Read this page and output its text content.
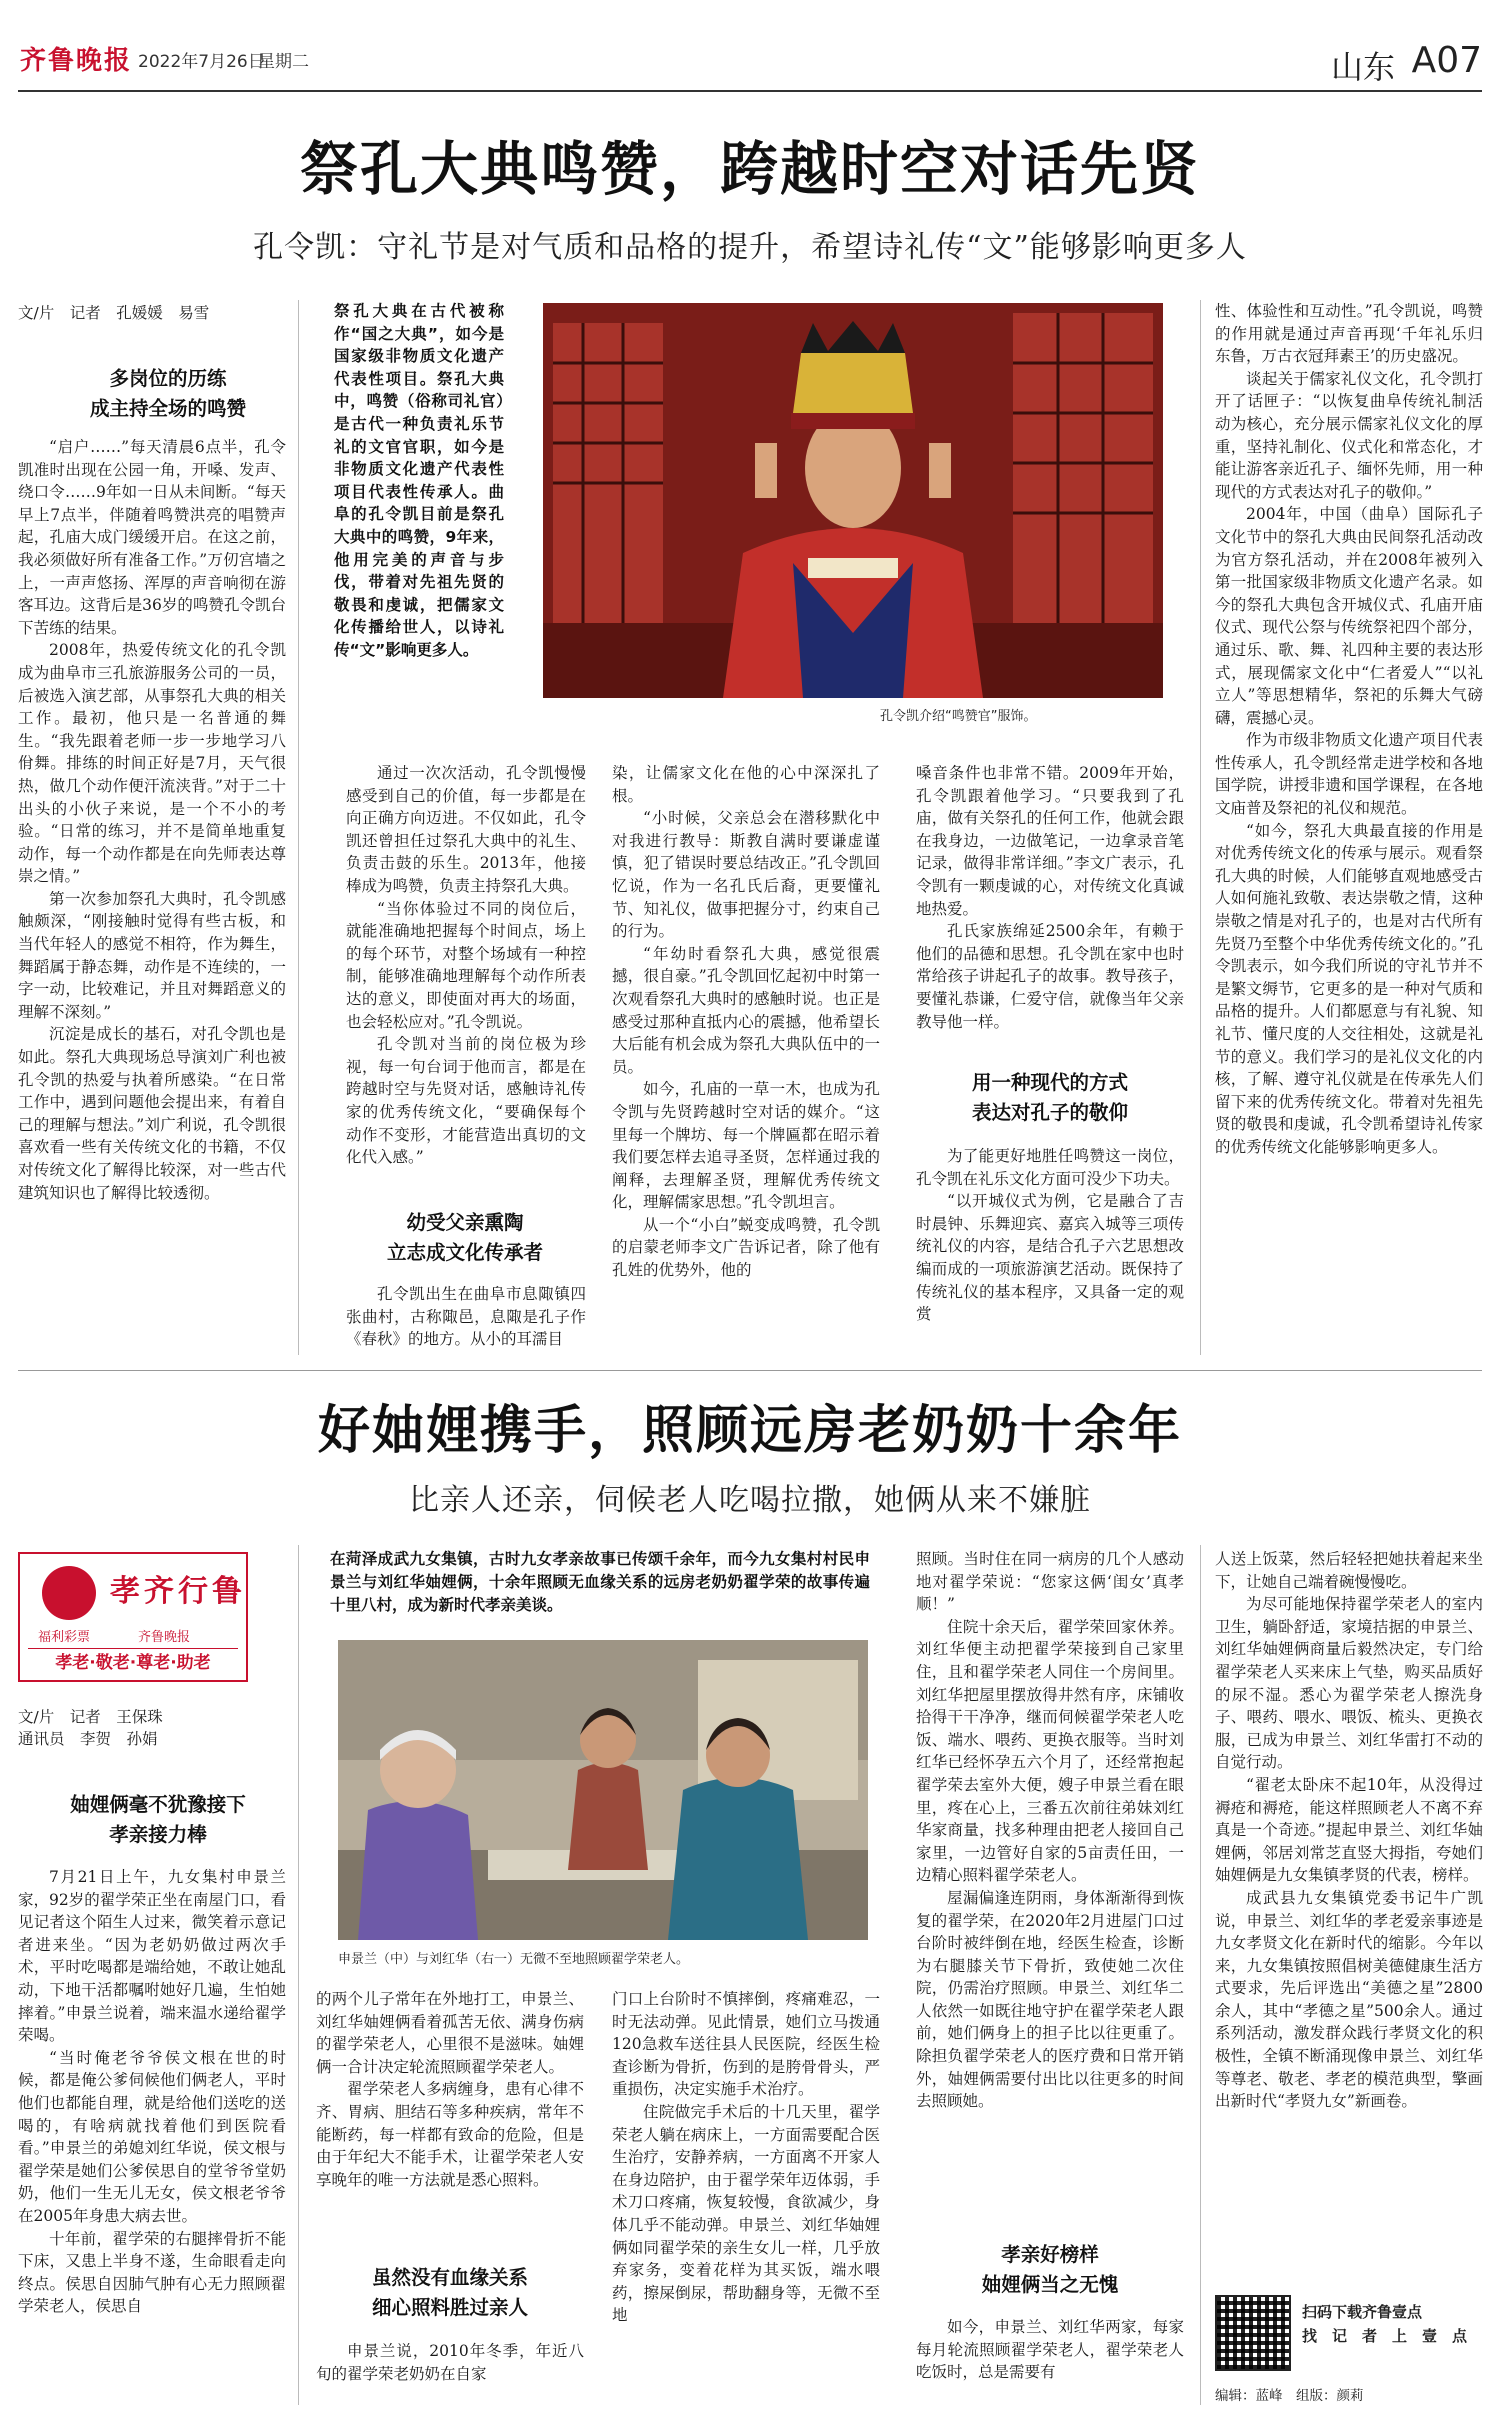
齐鲁晚报 2022年7月26日
星期二	山东 A07
祭孔大典鸣赞，跨越时空对话先贤
孔令凯：守礼节是对气质和品格的提升，希望诗礼传“文”能够影响更多人
文/片　记者　孔媛媛　易雪
多岗位的历练
成主持全场的鸣赞

“启户……”每天清晨6点半，孔令凯准时出现在公园一角，开嗓、发声、绕口令……9年如一日从未间断。“每天早上7点半，伴随着鸣赞洪亮的唱赞声起，孔庙大成门缓缓开启。在这之前，我必须做好所有准备工作。”万仞宫墙之上，一声声悠扬、浑厚的声音响彻在游客耳边。这背后是36岁的鸣赞孔令凯台下苦练的结果。

2008年，热爱传统文化的孔令凯成为曲阜市三孔旅游服务公司的一员，后被选入演艺部，从事祭孔大典的相关工作。最初，他只是一名普通的舞生。“我先跟着老师一步一步地学习八佾舞。排练的时间正好是7月，天气很热，做几个动作便汗流浃背。”对于二十出头的小伙子来说，是一个不小的考验。“日常的练习，并不是简单地重复动作，每一个动作都是在向先师表达尊崇之情。”

第一次参加祭孔大典时，孔令凯感触颇深，“刚接触时觉得有些古板，和当代年轻人的感觉不相符，作为舞生，舞蹈属于静态舞，动作是不连续的，一字一动，比较难记，并且对舞蹈意义的理解不深刻。”

沉淀是成长的基石，对孔令凯也是如此。祭孔大典现场总导演刘广利也被孔令凯的热爱与执着所感染。“在日常工作中，遇到问题他会提出来，有着自己的理解与想法。”刘广利说，孔令凯很喜欢看一些有关传统文化的书籍，不仅对传统文化了解得比较深，对一些古代建筑知识也了解得比较透彻。

祭孔大典在古代被称作“国之大典”，如今是国家级非物质文化遗产代表性项目。祭孔大典中，鸣赞（俗称司礼官）是古代一种负责礼乐节礼的文官官职，如今是非物质文化遗产代表性项目代表性传承人。曲阜的孔令凯目前是祭孔大典中的鸣赞，9年来，他用完美的声音与步伐，带着对先祖先贤的敬畏和虔诚，把儒家文化传播给世人，以诗礼传“文”影响更多人。
孔令凯介绍“鸣赞官”服饰。

通过一次次活动，孔令凯慢慢感受到自己的价值，每一步都是在向正确方向迈进。不仅如此，孔令凯还曾担任过祭孔大典中的礼生、负责击鼓的乐生。2013年，他接棒成为鸣赞，负责主持祭孔大典。

“当你体验过不同的岗位后，就能准确地把握每个时间点，场上的每个环节，对整个场域有一种控制，能够准确地理解每个动作所表达的意义，即使面对再大的场面，也会轻松应对。”孔令凯说。

孔令凯对当前的岗位极为珍视，每一句台词于他而言，都是在跨越时空与先贤对话，感触诗礼传家的优秀传统文化，“要确保每个动作不变形，才能营造出真切的文化代入感。”

幼受父亲熏陶
立志成文化传承者

孔令凯出生在曲阜市息陬镇四张曲村，古称陬邑，息陬是孔子作《春秋》的地方。从小的耳濡目

染，让儒家文化在他的心中深深扎了根。

“小时候，父亲总会在潜移默化中对我进行教导：斯教自满时要谦虚谨慎，犯了错误时要总结改正。”孔令凯回忆说，作为一名孔氏后裔，更要懂礼节、知礼仪，做事把握分寸，约束自己的行为。

“年幼时看祭孔大典，感觉很震撼，很自豪。”孔令凯回忆起初中时第一次观看祭孔大典时的感触时说。也正是感受过那种直抵内心的震撼，他希望长大后能有机会成为祭孔大典队伍中的一员。

如今，孔庙的一草一木，也成为孔令凯与先贤跨越时空对话的媒介。“这里每一个牌坊、每一个牌匾都在昭示着我们要怎样去追寻圣贤，怎样通过我的阐释，去理解圣贤，理解优秀传统文化，理解儒家思想。”孔令凯坦言。

从一个“小白”蜕变成鸣赞，孔令凯的启蒙老师李文广告诉记者，除了他有孔姓的优势外，他的

嗓音条件也非常不错。2009年开始，孔令凯跟着他学习。“只要我到了孔庙，做有关祭孔的任何工作，他就会跟在我身边，一边做笔记，一边拿录音笔记录，做得非常详细。”李文广表示，孔令凯有一颗虔诚的心，对传统文化真诚地热爱。

孔氏家族绵延2500余年，有赖于他们的品德和思想。孔令凯在家中也时常给孩子讲起孔子的故事。教导孩子，要懂礼恭谦，仁爱守信，就像当年父亲教导他一样。

用一种现代的方式
表达对孔子的敬仰

为了能更好地胜任鸣赞这一岗位，孔令凯在礼乐文化方面可没少下功夫。

“以开城仪式为例，它是融合了吉时晨钟、乐舞迎宾、嘉宾入城等三项传统礼仪的内容，是结合孔子六艺思想改编而成的一项旅游演艺活动。既保持了传统礼仪的基本程序，又具备一定的观赏

性、体验性和互动性。”孔令凯说，鸣赞的作用就是通过声音再现‘千年礼乐归东鲁，万古衣冠拜素王’的历史盛况。

谈起关于儒家礼仪文化，孔令凯打开了话匣子：“以恢复曲阜传统礼制活动为核心，充分展示儒家礼仪文化的厚重，坚持礼制化、仪式化和常态化，才能让游客亲近孔子、缅怀先师，用一种现代的方式表达对孔子的敬仰。”

2004年，中国（曲阜）国际孔子文化节中的祭孔大典由民间祭孔活动改为官方祭孔活动，并在2008年被列入第一批国家级非物质文化遗产名录。如今的祭孔大典包含开城仪式、孔庙开庙仪式、现代公祭与传统祭祀四个部分，通过乐、歌、舞、礼四种主要的表达形式，展现儒家文化中“仁者爱人”“以礼立人”等思想精华，祭祀的乐舞大气磅礴，震撼心灵。

作为市级非物质文化遗产项目代表性传承人，孔令凯经常走进学校和各地国学院，讲授非遗和国学课程，在各地文庙普及祭祀的礼仪和规范。

“如今，祭孔大典最直接的作用是对优秀传统文化的传承与展示。观看祭孔大典的时候，人们能够直观地感受古人如何施礼致敬、表达崇敬之情，这种崇敬之情是对孔子的，也是对古代所有先贤乃至整个中华优秀传统文化的。”孔令凯表示，如今我们所说的守礼节并不是繁文缛节，它更多的是一种对气质和品格的提升。人们都愿意与有礼貌、知礼节、懂尺度的人交往相处，这就是礼节的意义。我们学习的是礼仪文化的内核，了解、遵守礼仪就是在传承先人们留下来的优秀传统文化。带着对先祖先贤的敬畏和虔诚，孔令凯希望诗礼传家的优秀传统文化能够影响更多人。

好妯娌携手，照顾远房老奶奶十余年
比亲人还亲，伺候老人吃喝拉撒，她俩从来不嫌脏
孝齐行鲁
福利彩票	齐鲁晚报
孝老·敬老·尊老·助老
文/片　记者　王保珠
通讯员　李贺　孙娟
妯娌俩毫不犹豫接下
孝亲接力棒

7月21日上午，九女集村申景兰家，92岁的翟学荣正坐在南屋门口，看见记者这个陌生人过来，微笑着示意记者进来坐。“因为老奶奶做过两次手术，平时吃喝都是端给她，不敢让她乱动，下地干活都嘱咐她好几遍，生怕她摔着。”申景兰说着，端来温水递给翟学荣喝。

“当时俺老爷爷侯文根在世的时候，都是俺公爹伺候他们俩老人，平时他们也都能自理，就是给他们送吃的送喝的，有啥病就找着他们到医院看看。”申景兰的弟媳刘红华说，侯文根与翟学荣是她们公爹侯思自的堂爷爷堂奶奶，他们一生无儿无女，侯文根老爷爷在2005年身患大病去世。

十年前，翟学荣的右腿摔骨折不能下床，又患上半身不遂，生命眼看走向终点。侯思自因肺气肿有心无力照顾翟学荣老人，侯思自

在菏泽成武九女集镇，古时九女孝亲故事已传颂千余年，而今九女集村村民申景兰与刘红华妯娌俩，十余年照顾无血缘关系的远房老奶奶翟学荣的故事传遍十里八村，成为新时代孝亲美谈。
申景兰（中）与刘红华（右一）无微不至地照顾翟学荣老人。

的两个儿子常年在外地打工，申景兰、刘红华妯娌俩看着孤苦无依、满身伤病的翟学荣老人，心里很不是滋味。妯娌俩一合计决定轮流照顾翟学荣老人。

翟学荣老人多病缠身，患有心律不齐、胃病、胆结石等多种疾病，常年不能断药，每一样都有致命的危险，但是由于年纪大不能手术，让翟学荣老人安享晚年的唯一方法就是悉心照料。

虽然没有血缘关系
细心照料胜过亲人

申景兰说，2010年冬季，年近八旬的翟学荣老奶奶在自家

门口上台阶时不慎摔倒，疼痛难忍，一时无法动弹。见此情景，她们立马拨通120急救车送往县人民医院，经医生检查诊断为骨折，伤到的是胯骨骨头，严重损伤，决定实施手术治疗。

住院做完手术后的十几天里，翟学荣老人躺在病床上，一方面需要配合医生治疗，安静养病，一方面离不开家人在身边陪护，由于翟学荣年迈体弱，手术刀口疼痛，恢复较慢，食欲减少，身体几乎不能动弹。申景兰、刘红华妯娌俩如同翟学荣的亲生女儿一样，几乎放弃家务，变着花样为其买饭，端水喂药，擦屎倒尿，帮助翻身等，无微不至地

照顾。当时住在同一病房的几个人感动地对翟学荣说：“您家这俩‘闺女’真孝顺！”

住院十余天后，翟学荣回家休养。刘红华便主动把翟学荣接到自己家里住，且和翟学荣老人同住一个房间里。刘红华把屋里摆放得井然有序，床铺收拾得干干净净，继而伺候翟学荣老人吃饭、端水、喂药、更换衣服等。当时刘红华已经怀孕五六个月了，还经常抱起翟学荣去室外大便，嫂子申景兰看在眼里，疼在心上，三番五次前往弟妹刘红华家商量，找多种理由把老人接回自己家里，一边管好自家的5亩责任田，一边精心照料翟学荣老人。

屋漏偏逢连阴雨，身体渐渐得到恢复的翟学荣，在2020年2月进屋门口过台阶时被绊倒在地，经医生检查，诊断为右腿膝关节下骨折，致使她二次住院，仍需治疗照顾。申景兰、刘红华二人依然一如既往地守护在翟学荣老人跟前，她们俩身上的担子比以往更重了。除担负翟学荣老人的医疗费和日常开销外，妯娌俩需要付出比以往更多的时间去照顾她。

孝亲好榜样
妯娌俩当之无愧

如今，申景兰、刘红华两家，每家每月轮流照顾翟学荣老人，翟学荣老人吃饭时，总是需要有

人送上饭菜，然后轻轻把她扶着起来坐下，让她自己端着碗慢慢吃。

为尽可能地保持翟学荣老人的室内卫生，躺卧舒适，家境拮据的申景兰、刘红华妯娌俩商量后毅然决定，专门给翟学荣老人买来床上气垫，购买品质好的尿不湿。悉心为翟学荣老人擦洗身子、喂药、喂水、喂饭、梳头、更换衣服，已成为申景兰、刘红华雷打不动的自觉行动。

“翟老太卧床不起10年，从没得过褥疮和褥疮，能这样照顾老人不离不弃真是一个奇迹。”提起申景兰、刘红华妯娌俩，邻居刘常芝直竖大拇指，夸她们妯娌俩是九女集镇孝贤的代表，榜样。

成武县九女集镇党委书记牛广凯说，申景兰、刘红华的孝老爱亲事迹是九女孝贤文化在新时代的缩影。今年以来，九女集镇按照倡树美德健康生活方式要求，先后评选出“美德之星”2800余人，其中“孝德之星”500余人。通过系列活动，激发群众践行孝贤文化的积极性，全镇不断涌现像申景兰、刘红华等尊老、敬老、孝老的模范典型，擎画出新时代“孝贤九女”新画卷。

扫码下载齐鲁壹点
找　记　者　上　壹　点
编辑：蓝峰　组版：颜莉
